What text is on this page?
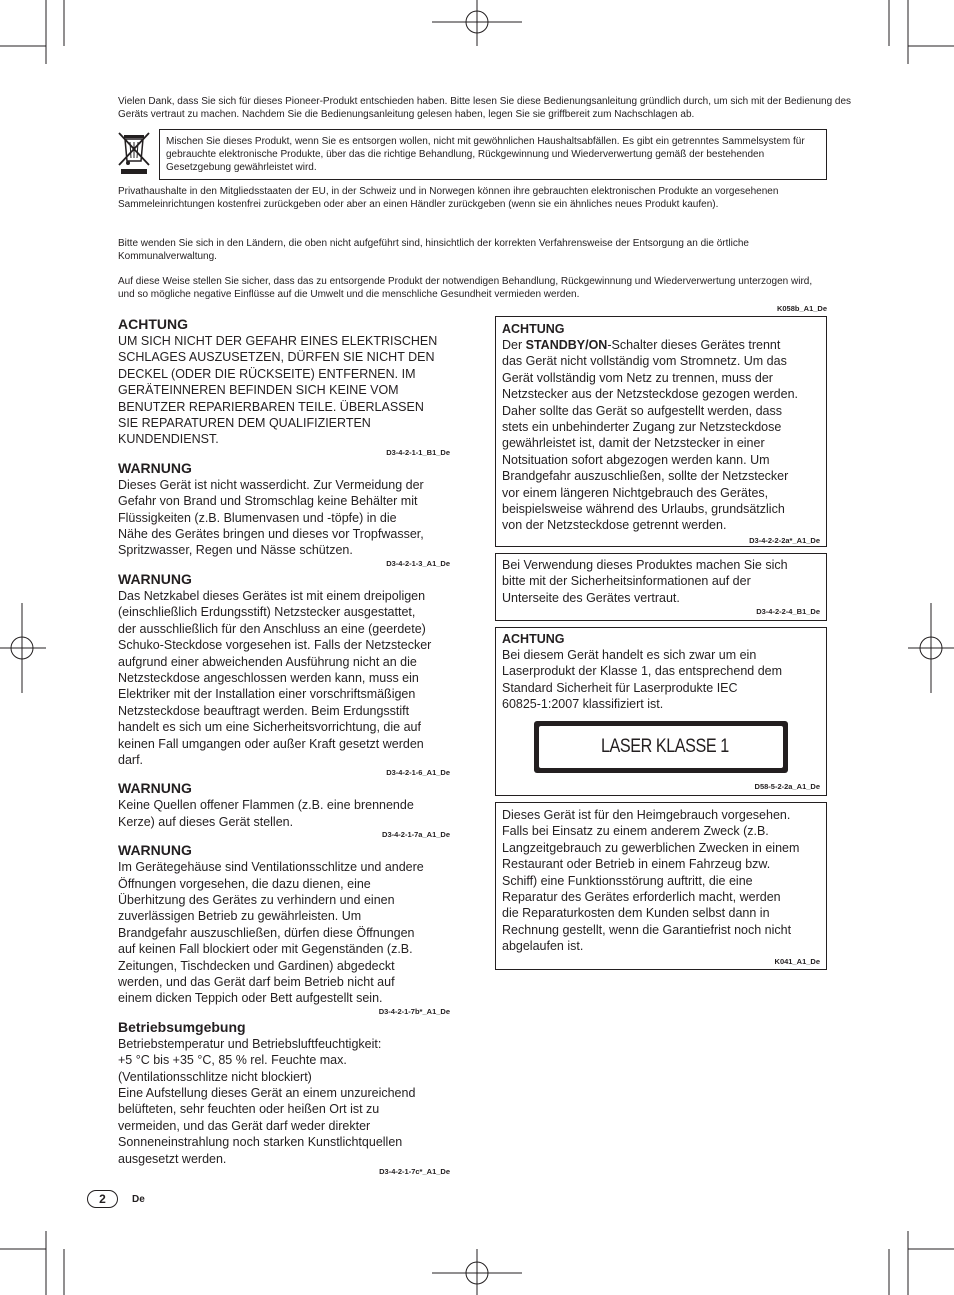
Vielen Dank, dass Sie sich für dieses Pioneer-Produkt entschieden haben. Bitte lesen Sie diese Bedienungsanleitung gründlich durch, um sich mit der Bedienung des Geräts vertraut zu machen. Nachdem Sie die Bedienungsanleitung gelesen haben, legen Sie sie griffbereit zum Nachschlagen ab.

Mischen Sie dieses Produkt, wenn Sie es entsorgen wollen, nicht mit gewöhnlichen Haushaltsabfällen. Es gibt ein getrenntes Sammelsystem für gebrauchte elektronische Produkte, über das die richtige Behandlung, Rückgewinnung und Wiederverwertung gemäß der bestehenden Gesetzgebung gewährleistet wird.

Privathaushalte in den Mitgliedsstaaten der EU, in der Schweiz und in Norwegen können ihre gebrauchten elektronischen Produkte an vorgesehenen Sammeleinrichtungen kostenfrei zurückgeben oder aber an einen Händler zurückgeben (wenn sie ein ähnliches neues Produkt kaufen).
Bitte wenden Sie sich in den Ländern, die oben nicht aufgeführt sind, hinsichtlich der korrekten Verfahrensweise der Entsorgung an die örtliche Kommunalverwaltung.
Auf diese Weise stellen Sie sicher, dass das zu entsorgende Produkt der notwendigen Behandlung, Rückgewinnung und Wiederverwertung unterzogen wird, und so mögliche negative Einflüsse auf die Umwelt und die menschliche Gesundheit vermieden werden.
K058b_A1_De
ACHTUNG
UM SICH NICHT DER GEFAHR EINES ELEKTRISCHEN
SCHLAGES AUSZUSETZEN, DÜRFEN SIE NICHT DEN
DECKEL (ODER DIE RÜCKSEITE) ENTFERNEN. IM
GERÄTEINNEREN BEFINDEN SICH KEINE VOM
BENUTZER REPARIERBAREN TEILE. ÜBERLASSEN
SIE REPARATUREN DEM QUALIFIZIERTEN
KUNDENDIENST.
D3-4-2-1-1_B1_De
WARNUNG
Dieses Gerät ist nicht wasserdicht. Zur Vermeidung der
Gefahr von Brand und Stromschlag keine Behälter mit
Flüssigkeiten (z.B. Blumenvasen und -töpfe) in die
Nähe des Gerätes bringen und dieses vor Tropfwasser,
Spritzwasser, Regen und Nässe schützen.
D3-4-2-1-3_A1_De
WARNUNG
Das Netzkabel dieses Gerätes ist mit einem dreipoligen
(einschließlich Erdungsstift) Netzstecker ausgestattet,
der ausschließlich für den Anschluss an eine (geerdete)
Schuko-Steckdose vorgesehen ist. Falls der Netzstecker
aufgrund einer abweichenden Ausführung nicht an die
Netzsteckdose angeschlossen werden kann, muss ein
Elektriker mit der Installation einer vorschriftsmäßigen
Netzsteckdose beauftragt werden. Beim Erdungsstift
handelt es sich um eine Sicherheitsvorrichtung, die auf
keinen Fall umgangen oder außer Kraft gesetzt werden
darf.
D3-4-2-1-6_A1_De
WARNUNG
Keine Quellen offener Flammen (z.B. eine brennende
Kerze) auf dieses Gerät stellen.
D3-4-2-1-7a_A1_De
WARNUNG
Im Gerätegehäuse sind Ventilationsschlitze und andere
Öffnungen vorgesehen, die dazu dienen, eine
Überhitzung des Gerätes zu verhindern und einen
zuverlässigen Betrieb zu gewährleisten. Um
Brandgefahr auszuschließen, dürfen diese Öffnungen
auf keinen Fall blockiert oder mit Gegenständen (z.B.
Zeitungen, Tischdecken und Gardinen) abgedeckt
werden, und das Gerät darf beim Betrieb nicht auf
einem dicken Teppich oder Bett aufgestellt sein.
D3-4-2-1-7b*_A1_De
Betriebsumgebung
Betriebstemperatur und Betriebsluftfeuchtigkeit:
+5 °C bis +35 °C, 85 % rel. Feuchte max.
(Ventilationsschlitze nicht blockiert)
Eine Aufstellung dieses Gerät an einem unzureichend
belüfteten, sehr feuchten oder heißen Ort ist zu
vermeiden, und das Gerät darf weder direkter
Sonneneinstrahlung noch starken Kunstlichtquellen
ausgesetzt werden.
D3-4-2-1-7c*_A1_De
ACHTUNG
Der STANDBY/ON-Schalter dieses Gerätes trennt
das Gerät nicht vollständig vom Stromnetz. Um das
Gerät vollständig vom Netz zu trennen, muss der
Netzstecker aus der Netzsteckdose gezogen werden.
Daher sollte das Gerät so aufgestellt werden, dass
stets ein unbehinderter Zugang zur Netzsteckdose
gewährleistet ist, damit der Netzstecker in einer
Notsituation sofort abgezogen werden kann. Um
Brandgefahr auszuschließen, sollte der Netzstecker
vor einem längeren Nichtgebrauch des Gerätes,
beispielsweise während des Urlaubs, grundsätzlich
von der Netzsteckdose getrennt werden.
D3-4-2-2-2a*_A1_De
Bei Verwendung dieses Produktes machen Sie sich
bitte mit der Sicherheitsinformationen auf der
Unterseite des Gerätes vertraut.
D3-4-2-2-4_B1_De
ACHTUNG
Bei diesem Gerät handelt es sich zwar um ein
Laserprodukt der Klasse 1, das entsprechend dem
Standard Sicherheit für Laserprodukte IEC
60825-1:2007 klassifiziert ist.
LASER KLASSE 1
D58-5-2-2a_A1_De
Dieses Gerät ist für den Heimgebrauch vorgesehen.
Falls bei Einsatz zu einem anderem Zweck (z.B.
Langzeitgebrauch zu gewerblichen Zwecken in einem
Restaurant oder Betrieb in einem Fahrzeug bzw.
Schiff) eine Funktionsstörung auftritt, die eine
Reparatur des Gerätes erforderlich macht, werden
die Reparaturkosten dem Kunden selbst dann in
Rechnung gestellt, wenn die Garantiefrist noch nicht
abgelaufen ist.
K041_A1_De
2	De
